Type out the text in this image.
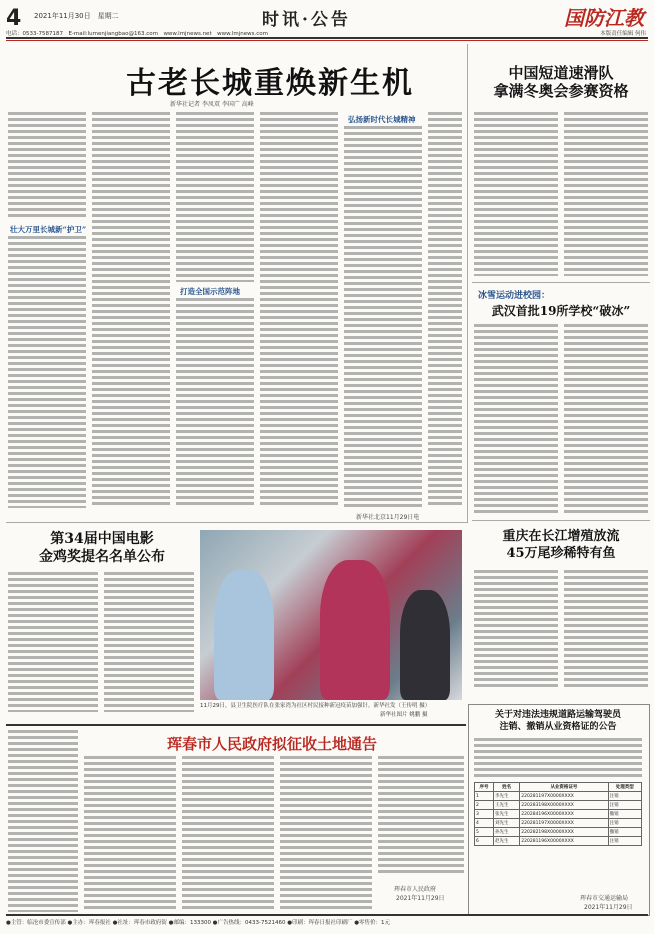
4 2021年11月30日　星期二	时讯·公告	国防江教
电话：0533-7587187　E-mail:lumenjiangbao@163.com　www.lmjnews.net　www.lmjnews.com	本版责任编辑 何伟
古老长城重焕新生机
新华社记者 李凤双 李国广 高峰
壮大万里长城新“护卫”
打造全国示范阵地
弘扬新时代长城精神
新华社北京11月29日电
中国短道速滑队
拿满冬奥会参赛资格
冰雪运动进校园：
武汉首批19所学校“破冰”
重庆在长江增殖放流
45万尾珍稀特有鱼
第34届中国电影
金鸡奖提名名单公布
11月29日，县卫生院医疗队在张家湾为社区村民接种新冠疫苗加强针。新华社发（王传明 摄）
新华社图片 姚鹏 摄
珲春市人民政府拟征收土地通告
珲春市人民政府
2021年11月29日
关于对违法违规道路运输驾驶员
注销、撤销从业资格证的公告
序号	姓名	从业资格证号	处理类型
1	李先生	220281197X0000XXXX	注销
2	王先生	220283198X0000XXXX	注销
3	张先生	220284196X0000XXXX	撤销
4	刘先生	220281197X0000XXXX	注销
5	孙先生	220282198X0000XXXX	撤销
6	赵先生	220281196X0000XXXX	注销
珲春市交通运输局
2021年11月29日
●主管：临沧市委宣传部 ●主办：珲春报社 ●社址：珲春市政府街 ●邮编：133300 ●广告热线：0433-7521460 ●印刷：珲春日报社印刷厂 ●零售价：1元
